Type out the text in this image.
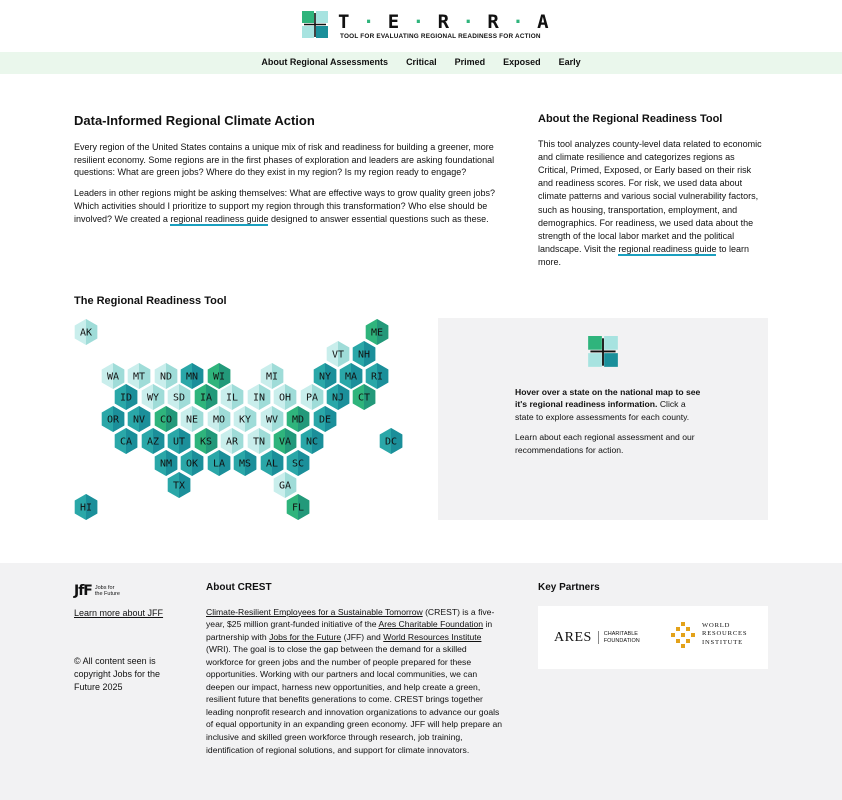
T · E · R · R · A
TOOL FOR EVALUATING REGIONAL READINESS FOR ACTION
About Regional Assessments	Critical	Primed	Exposed	Early
Data-Informed Regional Climate Action

Every region of the United States contains a unique mix of risk and readiness for building a greener, more resilient economy. Some regions are in the first phases of exploration and leaders are asking foundational questions: What are green jobs? Where do they exist in my region? Is my region ready to engage?

Leaders in other regions might be asking themselves: What are effective ways to grow quality green jobs? Which activities should I prioritize to support my region through this transformation? Who else should be involved? We created a regional readiness guide designed to answer essential questions such as these.

About the Regional Readiness Tool

This tool analyzes county-level data related to economic and climate resilience and categorizes regions as Critical, Primed, Exposed, or Early based on their risk and readiness scores. For risk, we used data about climate patterns and various social vulnerability factors, such as housing, transportation, employment, and demographics. For readiness, we used data about the strength of the local labor market and the political landscape. Visit the regional readiness guide to learn more.

The Regional Readiness Tool
AK	ME
VT NH
WA MT ND MN WI	MI	NY MA RI
ID WY SD IA IL IN OH PA NJ CT
OR NV CO NE MO KY WV MD DE
CA AZ UT KS AR TN VA NC	DC
NM OK LA MS AL SC
TX	GA
HI	FL

Hover over a state on the national map to see it's regional readiness information. Click a state to explore assessments for each county.

Learn about each regional assessment and our recommendations for action.

JfF Jobs for the Future
Learn more about JFF
© All content seen is copyright Jobs for the Future 2025
About CREST

Climate-Resilient Employees for a Sustainable Tomorrow (CREST) is a five-year, $25 million grant-funded initiative of the Ares Charitable Foundation in partnership with Jobs for the Future (JFF) and World Resources Institute (WRI). The goal is to close the gap between the demand for a skilled workforce for green jobs and the number of people prepared for these opportunities. Working with our partners and local communities, we can deepen our impact, harness new opportunities, and help create a green, resilient future that benefits generations to come. CREST brings together leading nonprofit research and innovation organizations to advance our goals of equal opportunity in an expanding green economy. JFF will help prepare an inclusive and skilled green workforce through research, job training, identification of regional solutions, and support for climate innovators.

Key Partners
ARES	CHARITABLE FOUNDATION
WORLD RESOURCES INSTITUTE
